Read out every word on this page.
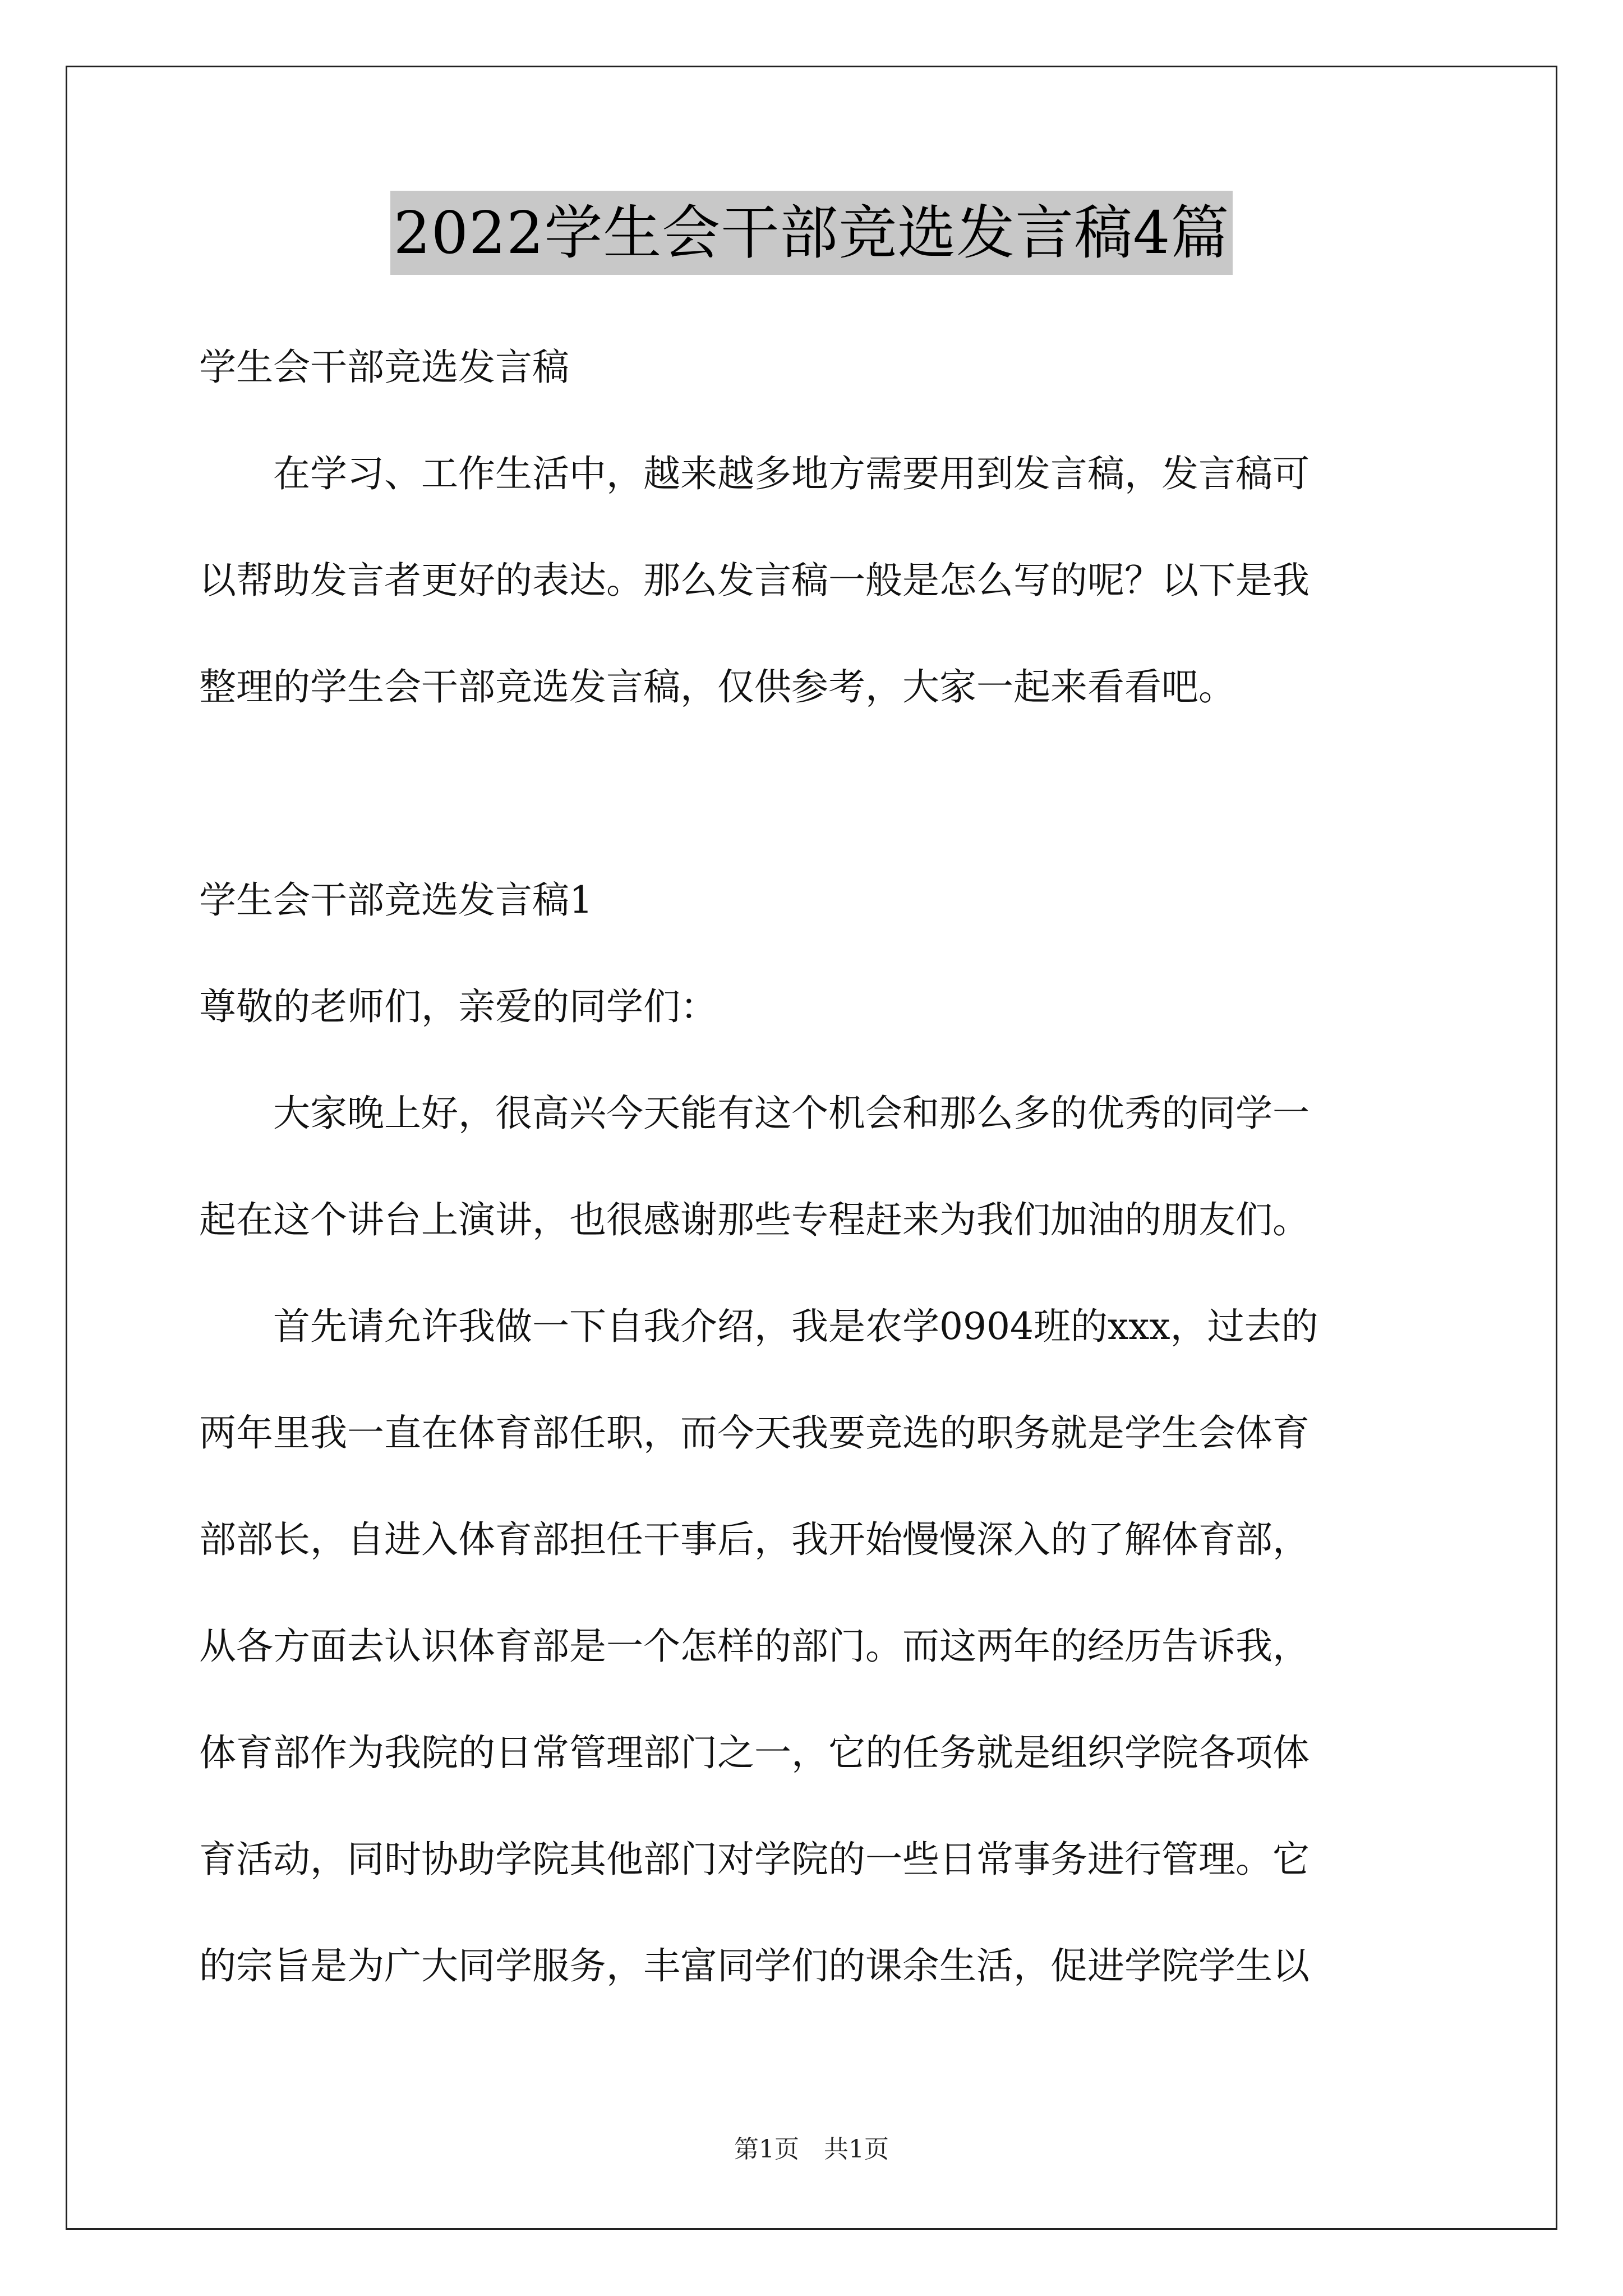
2022学生会干部竞选发言稿4篇
学生会干部竞选发言稿
　　在学习、工作生活中，越来越多地方需要用到发言稿，发言稿可
以帮助发言者更好的表达。那么发言稿一般是怎么写的呢？以下是我
整理的学生会干部竞选发言稿，仅供参考，大家一起来看看吧。
学生会干部竞选发言稿1
尊敬的老师们，亲爱的同学们：
　　大家晚上好，很高兴今天能有这个机会和那么多的优秀的同学一
起在这个讲台上演讲，也很感谢那些专程赶来为我们加油的朋友们。
　　首先请允许我做一下自我介绍，我是农学0904班的xxx，过去的
两年里我一直在体育部任职，而今天我要竞选的职务就是学生会体育
部部长，自进入体育部担任干事后，我开始慢慢深入的了解体育部，
从各方面去认识体育部是一个怎样的部门。而这两年的经历告诉我，
体育部作为我院的日常管理部门之一，它的任务就是组织学院各项体
育活动，同时协助学院其他部门对学院的一些日常事务进行管理。它
的宗旨是为广大同学服务，丰富同学们的课余生活，促进学院学生以
第1页　共1页
